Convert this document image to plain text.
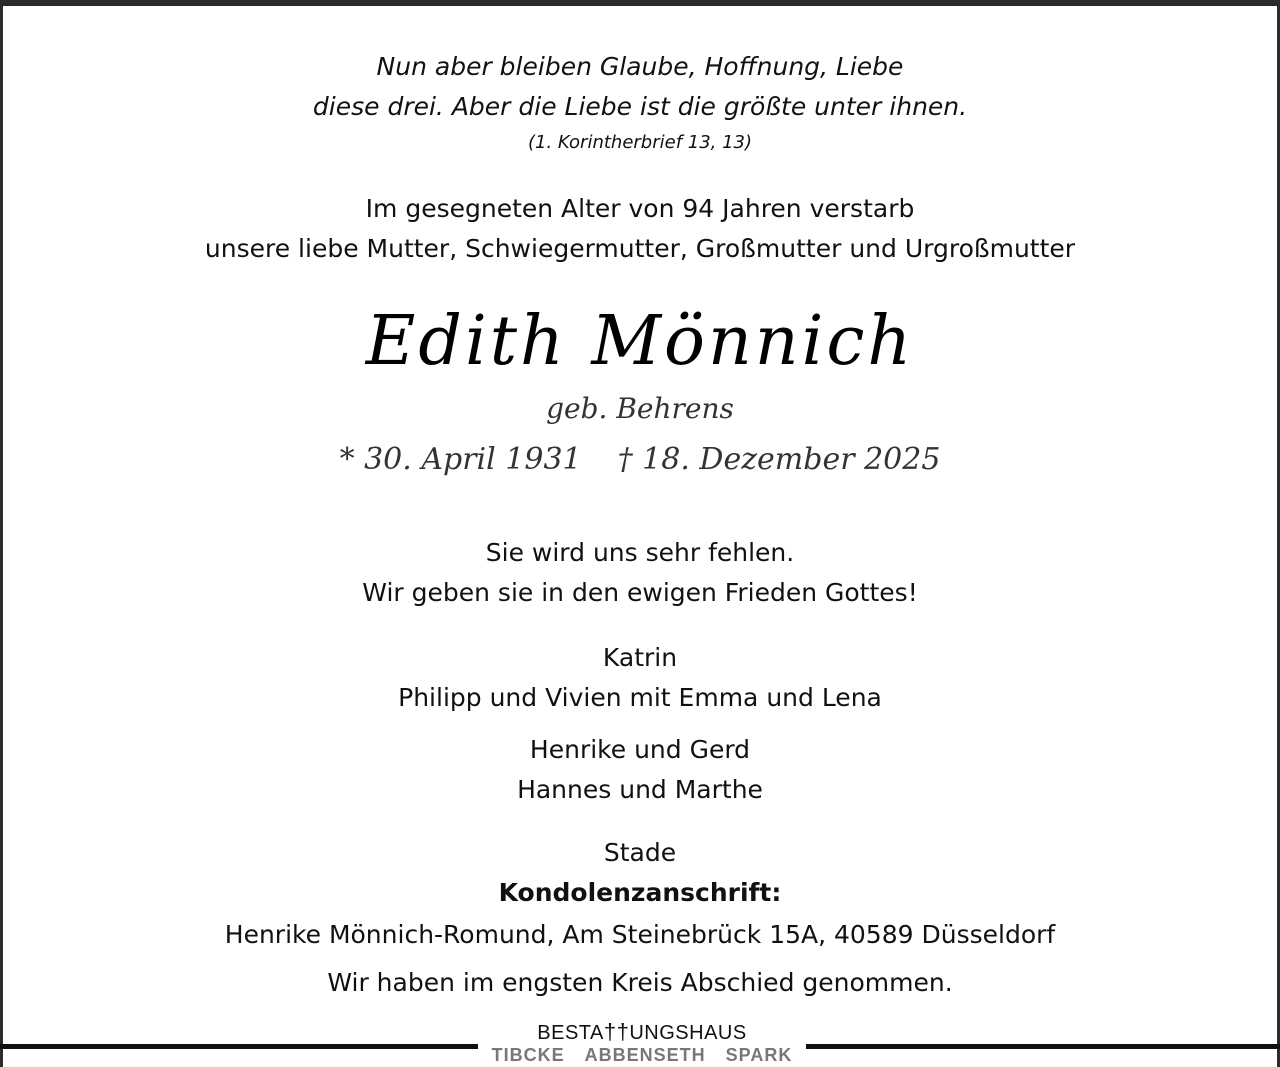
Nun aber bleiben Glaube, Hoffnung, Liebe
diese drei. Aber die Liebe ist die größte unter ihnen.
(1. Korintherbrief 13, 13)
Im gesegneten Alter von 94 Jahren verstarb
unsere liebe Mutter, Schwiegermutter, Großmutter und Urgroßmutter
Edith Mönnich
geb. Behrens
* 30. April 1931 † 18. Dezember 2025
Sie wird uns sehr fehlen.
Wir geben sie in den ewigen Frieden Gottes!
Katrin
Philipp und Vivien mit Emma und Lena
Henrike und Gerd
Hannes und Marthe
Stade
Kondolenzanschrift:
Henrike Mönnich-Romund, Am Steinebrück 15A, 40589 Düsseldorf
Wir haben im engsten Kreis Abschied genommen.
BESTA††UNGSHAUS
TIBCKE ABBENSETH SPARK
